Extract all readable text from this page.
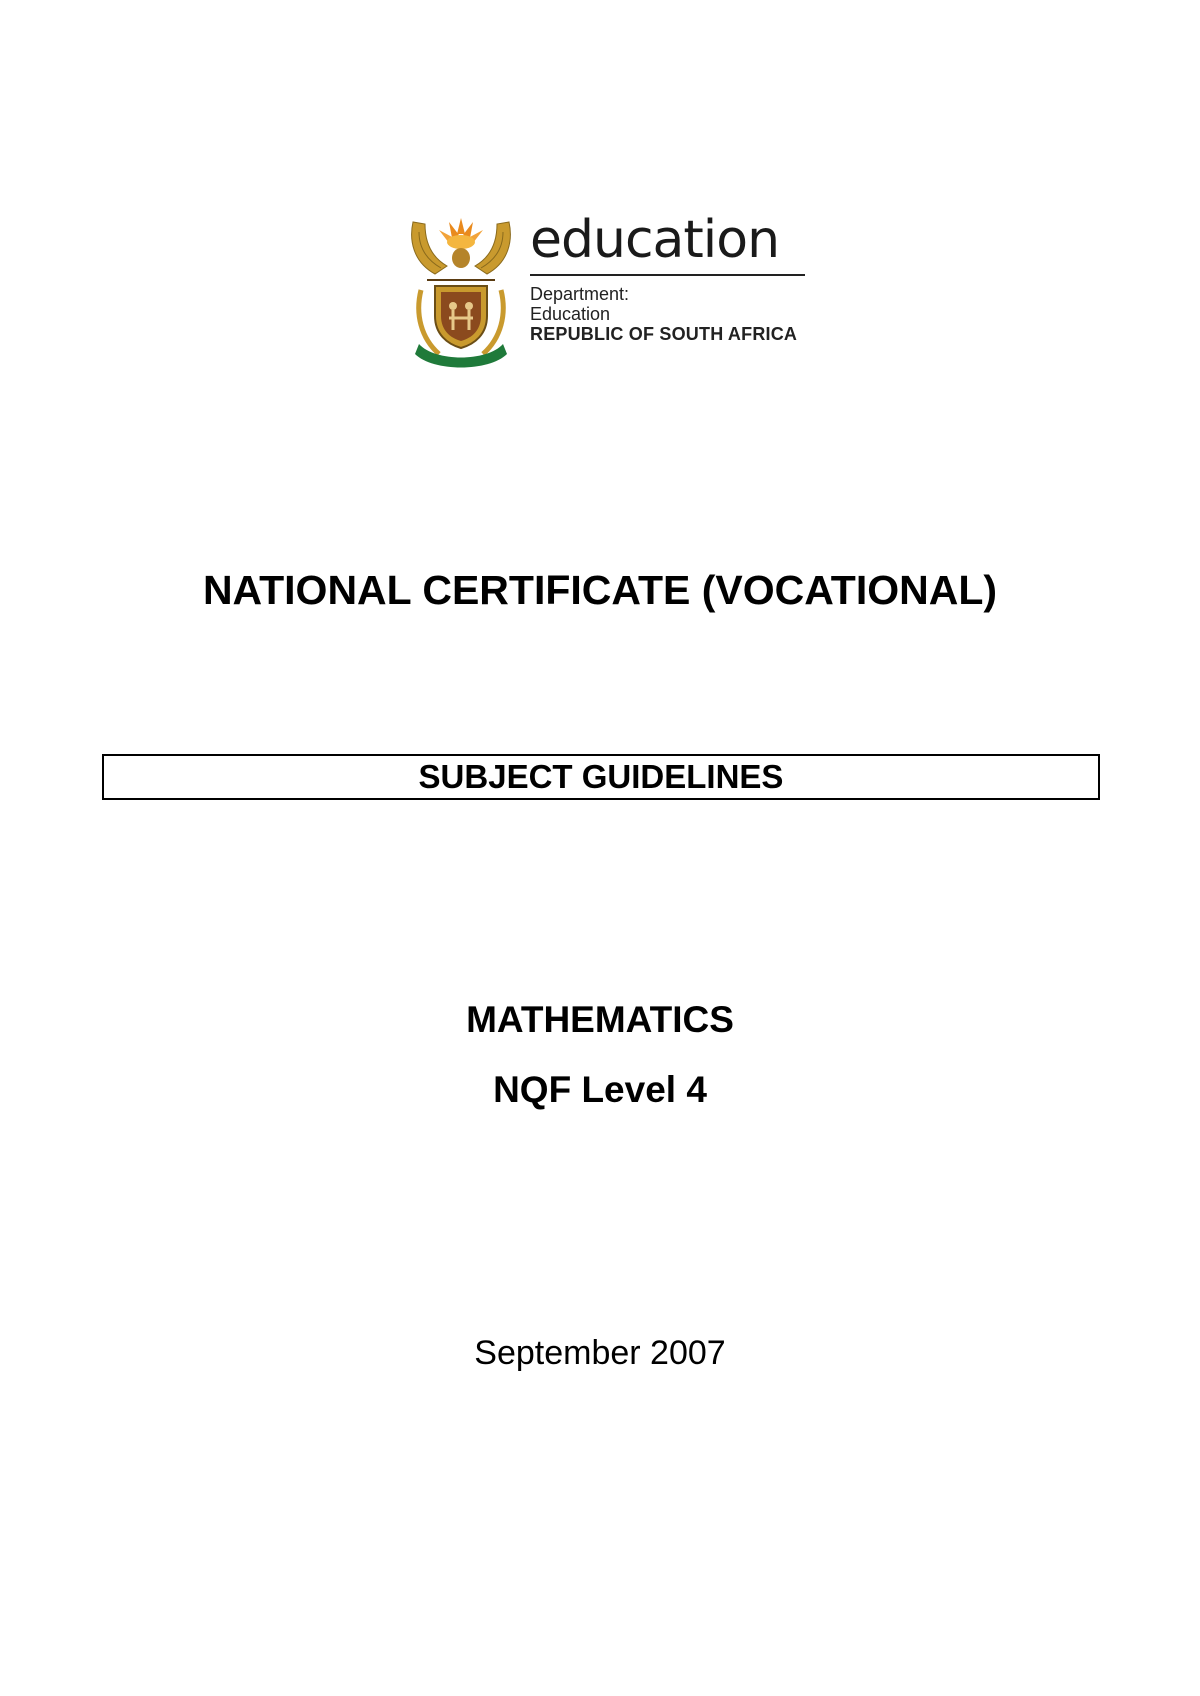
education
Department:
Education
REPUBLIC OF SOUTH AFRICA
NATIONAL CERTIFICATE (VOCATIONAL)
SUBJECT GUIDELINES
MATHEMATICS
NQF Level 4
September 2007
